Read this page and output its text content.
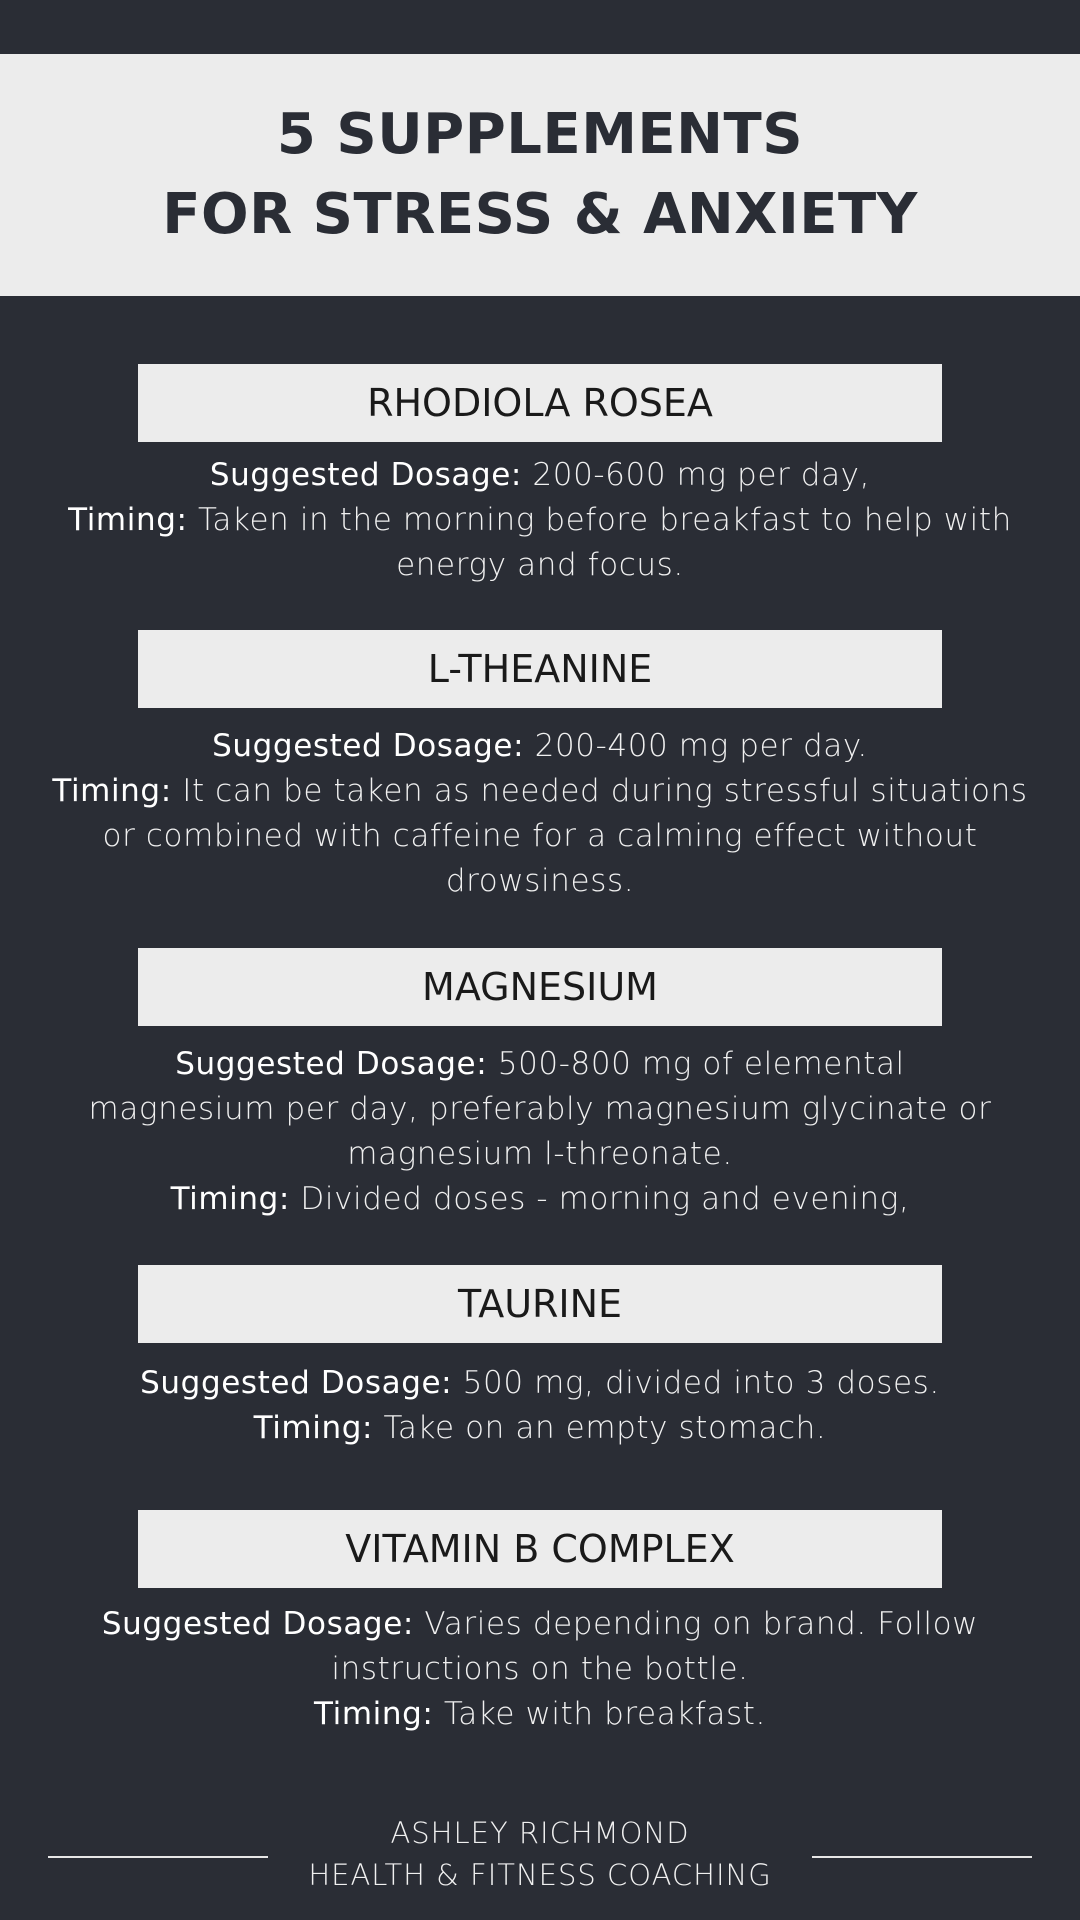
5 SUPPLEMENTS
FOR STRESS & ANXIETY
RHODIOLA ROSEA
Suggested Dosage: 200-600 mg per day,
Timing: Taken in the morning before breakfast to help with
energy and focus.
L-THEANINE
Suggested Dosage: 200-400 mg per day.
Timing: It can be taken as needed during stressful situations
or combined with caffeine for a calming effect without
drowsiness.
MAGNESIUM
Suggested Dosage: 500-800 mg of elemental
magnesium per day, preferably magnesium glycinate or
magnesium l-threonate.
Timing: Divided doses - morning and evening,
TAURINE
Suggested Dosage: 500 mg, divided into 3 doses.
Timing: Take on an empty stomach.
VITAMIN B COMPLEX
Suggested Dosage: Varies depending on brand. Follow
instructions on the bottle.
Timing: Take with breakfast.
ASHLEY RICHMOND
HEALTH & FITNESS COACHING
